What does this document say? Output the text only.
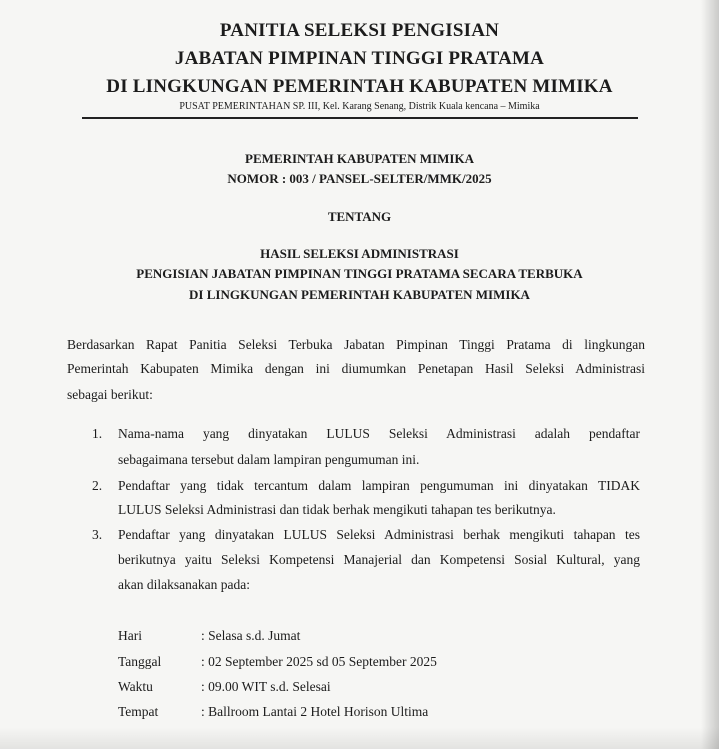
PANITIA SELEKSI PENGISIAN
JABATAN PIMPINAN TINGGI PRATAMA
DI LINGKUNGAN PEMERINTAH KABUPATEN MIMIKA
PUSAT PEMERINTAHAN SP. III, Kel. Karang Senang, Distrik Kuala kencana – Mimika
PEMERINTAH KABUPATEN MIMIKA
NOMOR : 003 / PANSEL-SELTER/MMK/2025
TENTANG
HASIL SELEKSI ADMINISTRASI
PENGISIAN JABATAN PIMPINAN TINGGI PRATAMA SECARA TERBUKA
DI LINGKUNGAN PEMERINTAH KABUPATEN MIMIKA
Berdasarkan Rapat Panitia Seleksi Terbuka Jabatan Pimpinan Tinggi Pratama di lingkungan
Pemerintah Kabupaten Mimika dengan ini diumumkan Penetapan Hasil Seleksi Administrasi
sebagai berikut:
1. Nama-nama yang dinyatakan LULUS Seleksi Administrasi adalah pendaftar
sebagaimana tersebut dalam lampiran pengumuman ini.
2. Pendaftar yang tidak tercantum dalam lampiran pengumuman ini dinyatakan TIDAK
LULUS Seleksi Administrasi dan tidak berhak mengikuti tahapan tes berikutnya.
3. Pendaftar yang dinyatakan LULUS Seleksi Administrasi berhak mengikuti tahapan tes
berikutnya yaitu Seleksi Kompetensi Manajerial dan Kompetensi Sosial Kultural, yang
akan dilaksanakan pada:
Hari	: Selasa s.d. Jumat
Tanggal	: 02 September 2025 sd 05 September 2025
Waktu	: 09.00 WIT s.d. Selesai
Tempat	: Ballroom Lantai 2 Hotel Horison Ultima
